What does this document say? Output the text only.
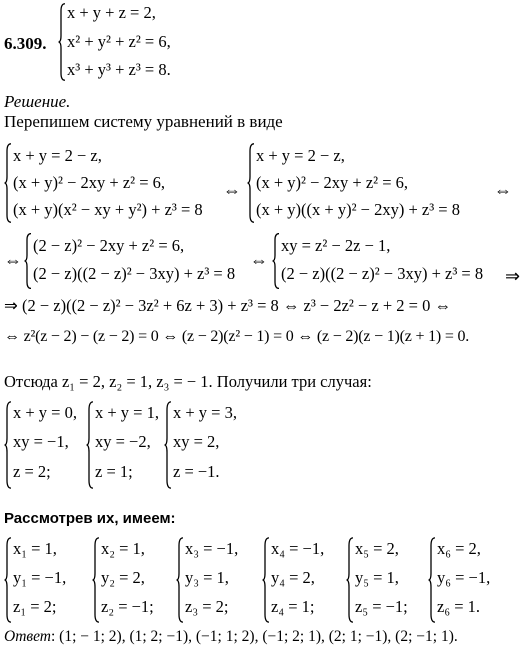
6.309.
x + y + z = 2,
x² + y² + z² = 6,
x³ + y³ + z³ = 8.
Решение.
Перепишем систему уравнений в виде
x + y = 2 − z,
(x + y)² − 2xy + z² = 6,
(x + y)(x² − xy + y²) + z³ = 8
⇔
x + y = 2 − z,
(x + y)² − 2xy + z² = 6,
(x + y)((x + y)² − 2xy) + z³ = 8
⇔
⇔
(2 − z)² − 2xy + z² = 6,
(2 − z)((2 − z)² − 3xy) + z³ = 8
⇔
xy = z² − 2z − 1,
(2 − z)((2 − z)² − 3xy) + z³ = 8 ⇒
⇒ (2 − z)((2 − z)² − 3z² + 6z + 3) + z³ = 8 ⇔ z³ − 2z² − z + 2 = 0 ⇔
⇔ z²(z − 2) − (z − 2) = 0 ⇔ (z − 2)(z² − 1) = 0 ⇔ (z − 2)(z − 1)(z + 1) = 0.
Отсюда z₁ = 2, z₂ = 1, z₃ = − 1. Получили три случая:
x + y = 0,
xy = −1,
z = 2;
x + y = 1,
xy = −2,
z = 1;
x + y = 3,
xy = 2,
z = −1.
Рассмотрев их, имеем:
x₁ = 1,
y₁ = −1,
z₁ = 2;
x₂ = 1,
y₂ = 2,
z₂ = −1;
x₃ = −1,
y₃ = 1,
z₃ = 2;
x₄ = −1,
y₄ = 2,
z₄ = 1;
x₅ = 2,
y₅ = 1,
z₅ = −1;
x₆ = 2,
y₆ = −1,
z₆ = 1.
Ответ: (1; − 1; 2), (1; 2; −1), (−1; 1; 2), (−1; 2; 1), (2; 1; −1), (2; −1; 1).
